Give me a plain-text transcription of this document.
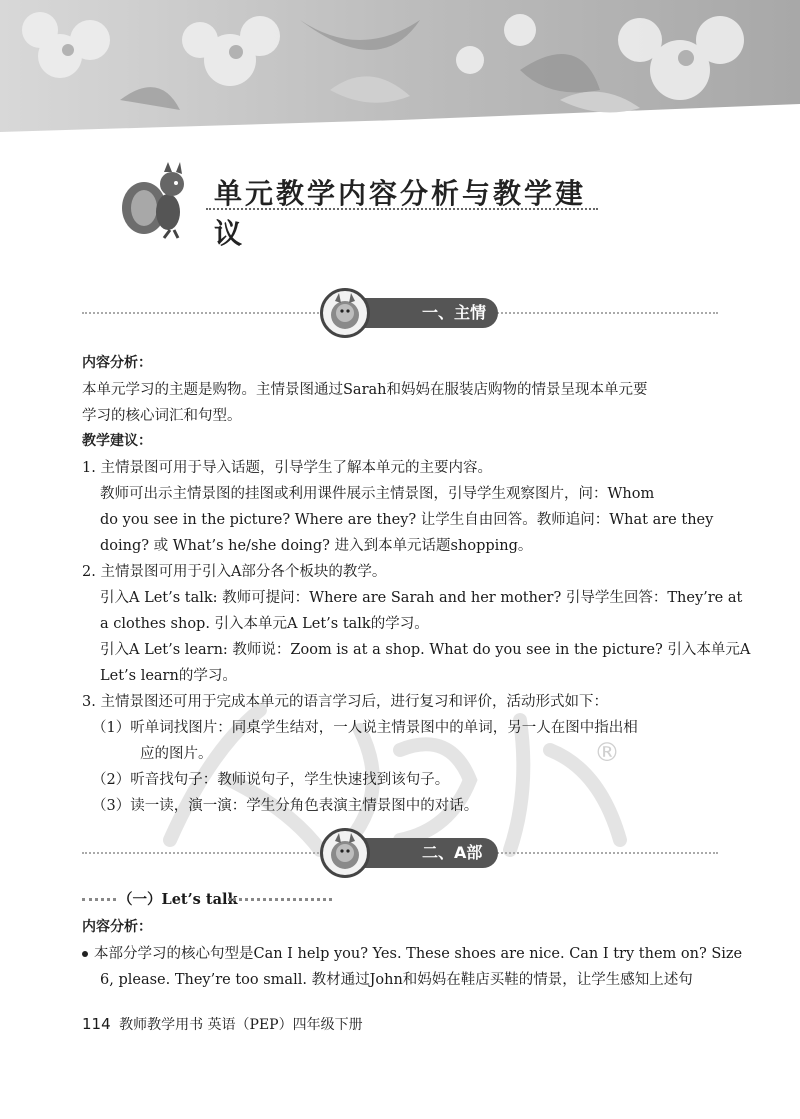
单元教学内容分析与教学建议
一、主情景图
内容分析：
本单元学习的主题是购物。主情景图通过Sarah和妈妈在服装店购物的情景呈现本单元要
学习的核心词汇和句型。
教学建议：
1. 主情景图可用于导入话题，引导学生了解本单元的主要内容。
教师可出示主情景图的挂图或利用课件展示主情景图，引导学生观察图片，问：Whom
do you see in the picture? Where are they? 让学生自由回答。教师追问：What are they
doing? 或 What’s he/she doing? 进入到本单元话题shopping。
2. 主情景图可用于引入A部分各个板块的教学。
引入A Let’s talk: 教师可提问：Where are Sarah and her mother? 引导学生回答：They’re at
a clothes shop. 引入本单元A Let’s talk的学习。
引入A Let’s learn: 教师说：Zoom is at a shop. What do you see in the picture? 引入本单元A
Let’s learn的学习。
3. 主情景图还可用于完成本单元的语言学习后，进行复习和评价，活动形式如下：
（1）听单词找图片：同桌学生结对，一人说主情景图中的单词，另一人在图中指出相
应的图片。
（2）听音找句子：教师说句子，学生快速找到该句子。
（3）读一读，演一演：学生分角色表演主情景图中的对话。
®
二、A部分
（一）Let’s talk
内容分析：
本部分学习的核心句型是Can I help you? Yes. These shoes are nice. Can I try them on? Size
6, please. They’re too small. 教材通过John和妈妈在鞋店买鞋的情景，让学生感知上述句
114 教师教学用书 英语（PEP）四年级下册
